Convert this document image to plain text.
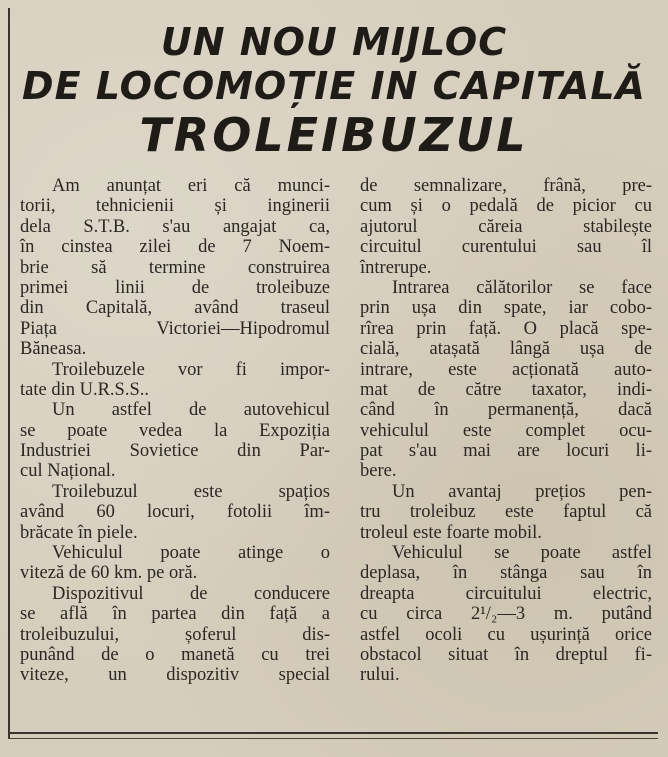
UN NOU MIJLOC
DE LOCOMOȚIE IN CAPITALĂ
TROLEIBUZUL
Am anunțat eri că munci-
torii, tehnicienii și inginerii
dela S.T.B. s'au angajat ca,
în cinstea zilei de 7 Noem-
brie să termine construirea
primei linii de troleibuze
din Capitală, având traseul
Piața Victoriei—Hipodromul
Băneasa.
Troilebuzele vor fi impor-
tate din U.R.S.S..
Un astfel de autovehicul
se poate vedea la Expoziția
Industriei Sovietice din Par-
cul Național.
Troilebuzul este spațios
având 60 locuri, fotolii îm-
brăcate în piele.
Vehiculul poate atinge o
viteză de 60 km. pe oră.
Dispozitivul de conducere
se află în partea din față a
troleibuzului, șoferul dis-
punând de o manetă cu trei
viteze, un dispozitiv special
de semnalizare, frână, pre-
cum și o pedală de picior cu
ajutorul căreia stabilește
circuitul curentului sau îl
întrerupe.
Intrarea călătorilor se face
prin ușa din spate, iar cobo-
rîrea prin față. O placă spe-
cială, atașată lângă ușa de
intrare, este acționată auto-
mat de către taxator, indi-
când în permanență, dacă
vehiculul este complet ocu-
pat s'au mai are locuri li-
bere.
Un avantaj prețios pen-
tru troleibuz este faptul că
troleul este foarte mobil.
Vehiculul se poate astfel
deplasa, în stânga sau în
dreapta circuitului electric,
cu circa 2¹/₂—3 m. putând
astfel ocoli cu ușurință orice
obstacol situat în dreptul fi-
rului.
